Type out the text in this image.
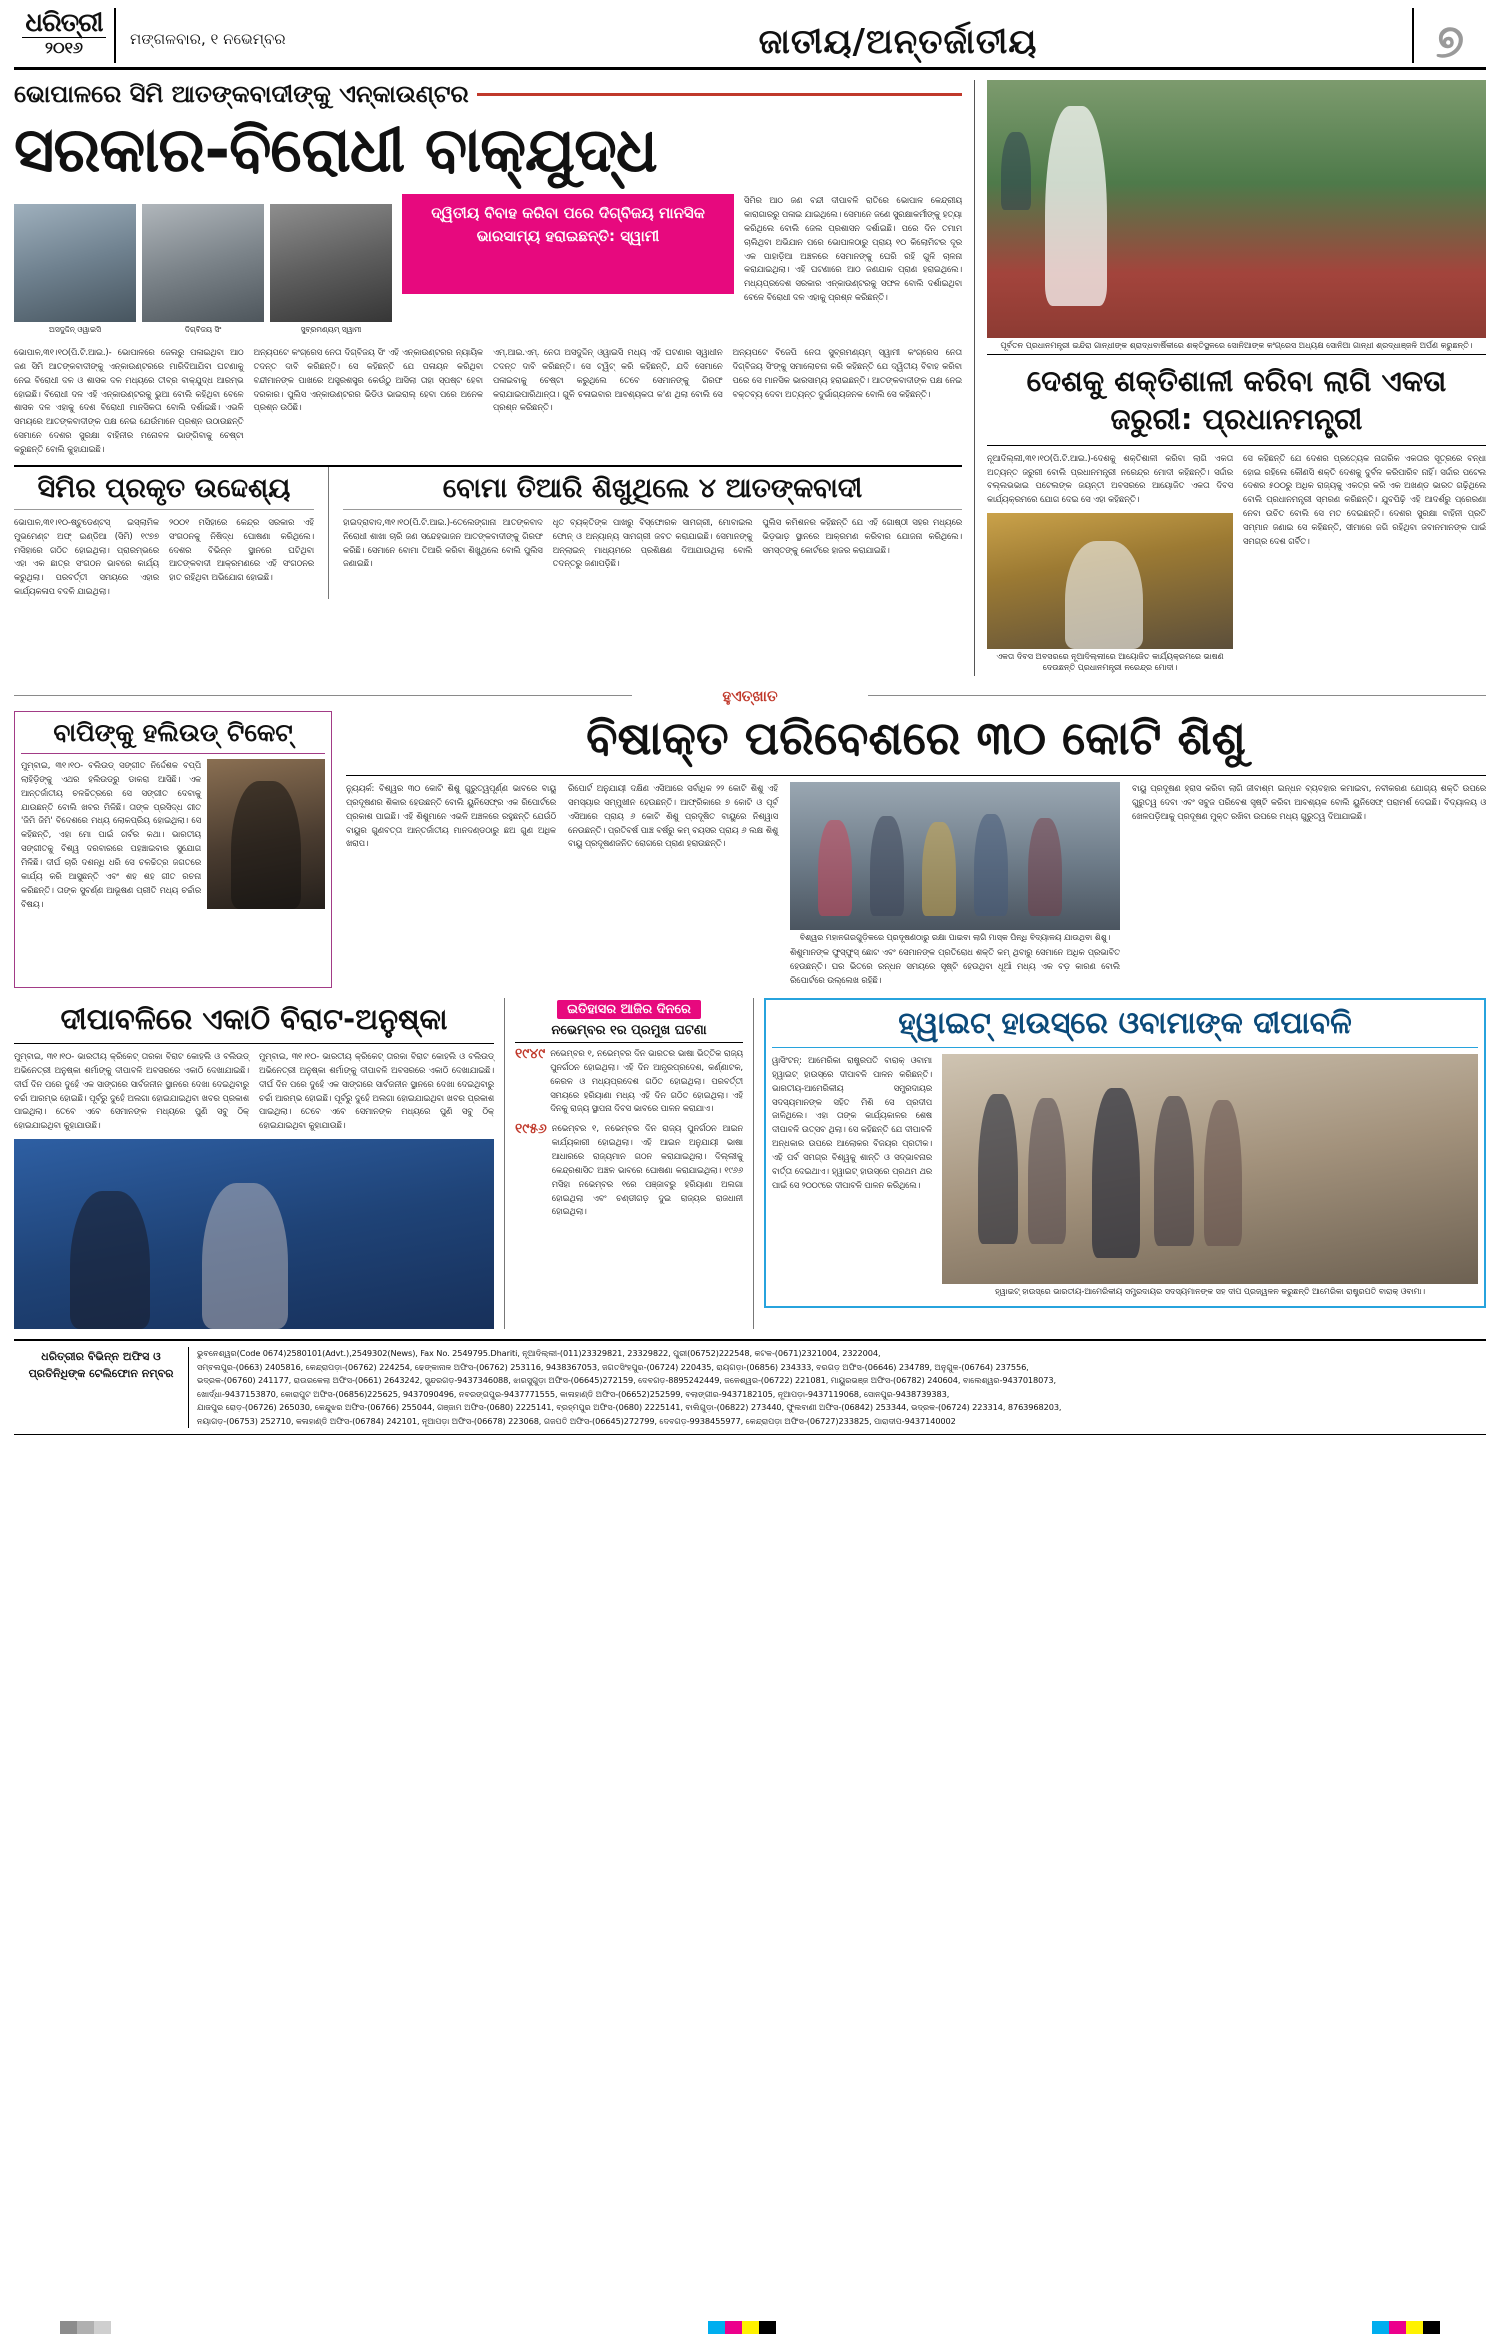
ଧରିତ୍ରୀ
୨୦୧୬	ମଙ୍ଗଳବାର, ୧ ନଭେମ୍ବର	ଜାତୀୟ/ଅନ୍ତର୍ଜାତୀୟ	୭
ଭୋପାଳରେ ସିମି ଆତଙ୍କବାଦୀଙ୍କୁ ଏନ୍‌କାଉଣ୍ଟର
ସରକାର-ବିରୋଧୀ ବାକ୍‌ଯୁଦ୍ଧ
ଅସଦୁଦ୍ଦିନ୍‌ ଓୱାଇସି	ଦିଗ୍‌ବିଜୟ ସିଂ	ସୁବ୍ରମଣ୍ୟମ୍‌ ସ୍ୱାମୀ
ଦ୍ୱିତୀୟ ବିବାହ କରିବା ପରେ ଦିଗ୍‌ବିଜୟ ମାନସିକ ଭାରସାମ୍ୟ ହରାଇଛନ୍ତି: ସ୍ୱାମୀ
ସିମିର ଆଠ ଜଣ ବନ୍ଦୀ ଦୀପାବଳି ରାତିରେ ଭୋପାଳ କେନ୍ଦ୍ରୀୟ କାରାଗାରରୁ ପଳାଇ ଯାଇଥିଲେ। ସେମାନେ ଜଣେ ସୁରକ୍ଷାକର୍ମୀଙ୍କୁ ହତ୍ୟା କରିଥିଲେ ବୋଲି ଜେଲ ପ୍ରଶାସନ ଦର୍ଶାଇଛି। ପରେ ଦିନ ତମାମ ଚାଲିଥିବା ଅଭିଯାନ ପରେ ଭୋପାଳଠାରୁ ପ୍ରାୟ ୧୦ କିଲୋମିଟର ଦୂର ଏକ ପାହାଡ଼ିଆ ଅଞ୍ଚଳରେ ସେମାନଙ୍କୁ ଘେରି ରହି ଗୁଳି ଚାଳନା କରାଯାଇଥିଲା। ଏହି ଘଟଣାରେ ଆଠ ଜଣଯାକ ପ୍ରାଣ ହରାଇଥିଲେ। ମଧ୍ୟପ୍ରଦେଶ ସରକାର ଏନ୍‌କାଉଣ୍ଟରକୁ ସଫଳ ବୋଲି ଦର୍ଶାଇଥିବା ବେଳେ ବିରୋଧୀ ଦଳ ଏହାକୁ ପ୍ରଶ୍ନ କରିଛନ୍ତି।
ଭୋପାଳ,୩୧।୧୦(ପି.ଟି.ଆଇ.)- ଭୋପାଳରେ ଜେଲରୁ ପଳାଇଥିବା ଆଠ ଜଣ ସିମି ଆତଙ୍କବାଦୀଙ୍କୁ ଏନ୍‌କାଉଣ୍ଟରରେ ମାରିଦିଆଯିବା ଘଟଣାକୁ ନେଇ ବିରୋଧୀ ଦଳ ଓ ଶାସକ ଦଳ ମଧ୍ୟରେ ତୀବ୍ର ବାକ୍‌ଯୁଦ୍ଧ ଆରମ୍ଭ ହୋଇଛି। ବିରୋଧୀ ଦଳ ଏହି ଏନ୍‌କାଉଣ୍ଟରକୁ ଭୁଆ ବୋଲି କହିଥିବା ବେଳେ ଶାସକ ଦଳ ଏହାକୁ ଦେଶ ବିରୋଧୀ ମାନସିକତା ବୋଲି ଦର୍ଶାଇଛି। ଏଭଳି ସମୟରେ ଆତଙ୍କବାଦୀଙ୍କ ପକ୍ଷ ନେଇ ଯେଉଁମାନେ ପ୍ରଶ୍ନ ଉଠାଉଛନ୍ତି ସେମାନେ ଦେଶର ସୁରକ୍ଷା ବାହିନୀର ମନୋବଳ ଭାଙ୍ଗିବାକୁ ଚେଷ୍ଟା କରୁଛନ୍ତି ବୋଲି କୁହାଯାଇଛି।
ଅନ୍ୟପଟେ କଂଗ୍ରେସ ନେତା ଦିଗ୍‌ବିଜୟ ସିଂ ଏହି ଏନ୍‌କାଉଣ୍ଟରର ନ୍ୟାୟିକ ତଦନ୍ତ ଦାବି କରିଛନ୍ତି। ସେ କହିଛନ୍ତି ଯେ ପଳାୟନ କରିଥିବା ବନ୍ଦୀମାନଙ୍କ ପାଖରେ ଅସ୍ତ୍ରଶସ୍ତ୍ର କେଉଁଠୁ ଆସିଲା ତାହା ସ୍ପଷ୍ଟ ହେବା ଦରକାର। ପୁଲିସ ଏନ୍‌କାଉଣ୍ଟରର ଭିଡିଓ ଭାଇରାଲ୍‌ ହେବା ପରେ ଅନେକ ପ୍ରଶ୍ନ ଉଠିଛି।
ଏମ୍‌.ଆଇ.ଏମ୍‌. ନେତା ଅସଦୁଦ୍ଦିନ୍‌ ଓୱାଇସି ମଧ୍ୟ ଏହି ଘଟଣାର ସ୍ୱାଧୀନ ତଦନ୍ତ ଦାବି କରିଛନ୍ତି। ସେ ଟ୍ୱିଟ୍‌ କରି କହିଛନ୍ତି, ଯଦି ସେମାନେ ପଳାଇବାକୁ ଚେଷ୍ଟା କରୁଥିଲେ ତେବେ ସେମାନଙ୍କୁ ଗିରଫ କରାଯାଇପାରିଥାନ୍ତା। ଗୁଳି ଚଳାଇବାର ଆବଶ୍ୟକତା କ'ଣ ଥିଲା ବୋଲି ସେ ପ୍ରଶ୍ନ କରିଛନ୍ତି।
ଅନ୍ୟପଟେ ବିଜେପି ନେତା ସୁବ୍ରମଣ୍ୟମ୍‌ ସ୍ୱାମୀ କଂଗ୍ରେସ ନେତା ଦିଗ୍‌ବିଜୟ ସିଂଙ୍କୁ ସମାଲୋଚନା କରି କହିଛନ୍ତି ଯେ ଦ୍ୱିତୀୟ ବିବାହ କରିବା ପରେ ସେ ମାନସିକ ଭାରସାମ୍ୟ ହରାଇଛନ୍ତି। ଆତଙ୍କବାଦୀଙ୍କ ପକ୍ଷ ନେଇ ବକ୍ତବ୍ୟ ଦେବା ଅତ୍ୟନ୍ତ ଦୁର୍ଭାଗ୍ୟଜନକ ବୋଲି ସେ କହିଛନ୍ତି।
ସିମିର ପ୍ରକୃତ ଉଦ୍ଦେଶ୍ୟ
ଭୋପାଳ,୩୧।୧୦-ଷ୍ଟୁଡେଣ୍ଟସ୍‌ ଇସ୍‌ଲାମିକ ମୁଭମେଣ୍ଟ ଅଫ୍‌ ଇଣ୍ଡିଆ (ସିମି) ୧୯୭୭ ମସିହାରେ ଗଠିତ ହୋଇଥିଲା। ପ୍ରାରମ୍ଭରେ ଏହା ଏକ ଛାତ୍ର ସଂଗଠନ ଭାବରେ କାର୍ଯ୍ୟ କରୁଥିଲା। ପରବର୍ତ୍ତୀ ସମୟରେ ଏହାର କାର୍ଯ୍ୟକଳାପ ବଦଳି ଯାଇଥିଲା।
୨୦୦୧ ମସିହାରେ କେନ୍ଦ୍ର ସରକାର ଏହି ସଂଗଠନକୁ ନିଷିଦ୍ଧ ଘୋଷଣା କରିଥିଲେ। ଦେଶର ବିଭିନ୍ନ ସ୍ଥାନରେ ଘଟିଥିବା ଆତଙ୍କବାଦୀ ଆକ୍ରମଣରେ ଏହି ସଂଗଠନର ହାତ ରହିଥିବା ଅଭିଯୋଗ ହୋଇଛି।
ବୋମା ତିଆରି ଶିଖୁଥିଲେ ୪ ଆତଙ୍କବାଦୀ
ହାଇଦ୍ରାବାଦ,୩୧।୧୦(ପି.ଟି.ଆଇ.)-ତେଲେଙ୍ଗାନା ଆତଙ୍କବାଦ ନିରୋଧୀ ଶାଖା ଚାରି ଜଣ ସନ୍ଦେହଭାଜନ ଆତଙ୍କବାଦୀଙ୍କୁ ଗିରଫ କରିଛି। ସେମାନେ ବୋମା ତିଆରି କରିବା ଶିଖୁଥିଲେ ବୋଲି ପୁଲିସ ଜଣାଇଛି।
ଧୃତ ବ୍ୟକ୍ତିଙ୍କ ପାଖରୁ ବିସ୍ଫୋରକ ସାମଗ୍ରୀ, ମୋବାଇଲ ଫୋନ୍‌ ଓ ଅନ୍ୟାନ୍ୟ ସାମଗ୍ରୀ ଜବତ କରାଯାଇଛି। ସେମାନଙ୍କୁ ଅନ୍‌ଲାଇନ୍‌ ମାଧ୍ୟମରେ ପ୍ରଶିକ୍ଷଣ ଦିଆଯାଉଥିଲା ବୋଲି ତଦନ୍ତରୁ ଜଣାପଡ଼ିଛି।
ପୁଲିସ କମିଶନର କହିଛନ୍ତି ଯେ ଏହି ଗୋଷ୍ଠୀ ସହର ମଧ୍ୟରେ ଭିଡ଼ଭାଡ଼ ସ୍ଥାନରେ ଆକ୍ରମଣ କରିବାର ଯୋଜନା କରିଥିଲେ। ସମସ୍ତଙ୍କୁ କୋର୍ଟରେ ହାଜର କରାଯାଇଛି।
ପୂର୍ବତନ ପ୍ରଧାନମନ୍ତ୍ରୀ ଇନ୍ଦିରା ଗାନ୍ଧୀଙ୍କ ଶ୍ରାଦ୍ଧବାର୍ଷିକୀରେ ଶକ୍ତିସ୍ଥଳରେ ସୋନିଆଙ୍କ କଂଗ୍ରେସ ଅଧ୍ୟକ୍ଷ ସୋନିଆ ଗାନ୍ଧୀ ଶ୍ରଦ୍ଧାଞ୍ଜଳି ଅର୍ପଣ କରୁଛନ୍ତି।
ଦେଶକୁ ଶକ୍ତିଶାଳୀ କରିବା ଲାଗି ଏକତା ଜରୁରୀ: ପ୍ରଧାନମନ୍ତ୍ରୀ
ନୂଆଦିଲ୍ଲୀ,୩୧।୧୦(ପି.ଟି.ଆଇ.)-ଦେଶକୁ ଶକ୍ତିଶାଳୀ କରିବା ଲାଗି ଏକତା ଅତ୍ୟନ୍ତ ଜରୁରୀ ବୋଲି ପ୍ରଧାନମନ୍ତ୍ରୀ ନରେନ୍ଦ୍ର ମୋଦୀ କହିଛନ୍ତି। ସର୍ଦ୍ଦାର ବଲ୍ଲଭଭାଇ ପଟେଲଙ୍କ ଜୟନ୍ତୀ ଅବସରରେ ଆୟୋଜିତ ଏକତା ଦିବସ କାର୍ଯ୍ୟକ୍ରମରେ ଯୋଗ ଦେଇ ସେ ଏହା କହିଛନ୍ତି।
ଏକତା ଦିବସ ଅବସରରେ ନୂଆଦିଲ୍ଲୀରେ ଆୟୋଜିତ କାର୍ଯ୍ୟକ୍ରମରେ ଭାଷଣ ଦେଉଛନ୍ତି ପ୍ରଧାନମନ୍ତ୍ରୀ ନରେନ୍ଦ୍ର ମୋଦୀ।
ସେ କହିଛନ୍ତି ଯେ ଦେଶର ପ୍ରତ୍ୟେକ ନାଗରିକ ଏକତାର ସୂତ୍ରରେ ବନ୍ଧା ହୋଇ ରହିଲେ କୌଣସି ଶକ୍ତି ଦେଶକୁ ଦୁର୍ବଳ କରିପାରିବ ନାହିଁ। ସର୍ଦ୍ଦାର ପଟେଲ ଦେଶର ୫୦୦ରୁ ଅଧିକ ରାଜ୍ୟକୁ ଏକତ୍ର କରି ଏକ ଅଖଣ୍ଡ ଭାରତ ଗଢ଼ିଥିଲେ ବୋଲି ପ୍ରଧାନମନ୍ତ୍ରୀ ସ୍ମରଣ କରିଛନ୍ତି। ଯୁବପିଢ଼ି ଏହି ଆଦର୍ଶରୁ ପ୍ରେରଣା ନେବା ଉଚିତ ବୋଲି ସେ ମତ ଦେଇଛନ୍ତି। ଦେଶର ସୁରକ୍ଷା ବାହିନୀ ପ୍ରତି ସମ୍ମାନ ଜଣାଇ ସେ କହିଛନ୍ତି, ସୀମାରେ ଜଗି ରହିଥିବା ଜବାନମାନଙ୍କ ପାଇଁ ସମଗ୍ର ଦେଶ ଗର୍ବିତ।
ହୁଏତ୍‌ଖାତ
ବାପିଙ୍କୁ ହଲିଉଡ୍‌ ଟିକେଟ୍‌
ମୁମ୍ବାଇ, ୩୧।୧୦- ବଲିଉଡ୍‌ ସଙ୍ଗୀତ ନିର୍ଦ୍ଦେଶକ ବପ୍ପି ଲାହିଡ଼ିଙ୍କୁ ଏଥର ହଲିଉଡ୍‌ରୁ ଡାକରା ଆସିଛି। ଏକ ଆନ୍ତର୍ଜାତୀୟ ଚଳଚ୍ଚିତ୍ରରେ ସେ ସଙ୍ଗୀତ ଦେବାକୁ ଯାଉଛନ୍ତି ବୋଲି ଖବର ମିଳିଛି। ତାଙ୍କ ପ୍ରସିଦ୍ଧ ଗୀତ 'ଜିମି ଜିମି' ବିଦେଶରେ ମଧ୍ୟ ଲୋକପ୍ରିୟ ହୋଇଥିଲା। ସେ କହିଛନ୍ତି, ଏହା ମୋ ପାଇଁ ଗର୍ବର କଥା। ଭାରତୀୟ ସଙ୍ଗୀତକୁ ବିଶ୍ୱ ଦରବାରରେ ପହଞ୍ଚାଇବାର ସୁଯୋଗ ମିଳିଛି। ଦୀର୍ଘ ଚାରି ଦଶନ୍ଧି ଧରି ସେ ଚଳଚ୍ଚିତ୍ର ଜଗତରେ କାର୍ଯ୍ୟ କରି ଆସୁଛନ୍ତି ଏବଂ ଶହ ଶହ ଗୀତ ରଚନା କରିଛନ୍ତି। ତାଙ୍କ ସୁବର୍ଣ୍ଣ ଆଭୂଷଣ ପ୍ରୀତି ମଧ୍ୟ ଚର୍ଚ୍ଚାର ବିଷୟ।
ବିଷାକ୍ତ ପରିବେଶରେ ୩୦ କୋଟି ଶିଶୁ
ନ୍ୟୁୟର୍କ: ବିଶ୍ୱର ୩୦ କୋଟି ଶିଶୁ ଗୁରୁତ୍ୱପୂର୍ଣ୍ଣ ଭାବରେ ବାୟୁ ପ୍ରଦୂଷଣର ଶିକାର ହେଉଛନ୍ତି ବୋଲି ୟୁନିସେଫ୍‌ର ଏକ ରିପୋର୍ଟରେ ପ୍ରକାଶ ପାଇଛି। ଏହି ଶିଶୁମାନେ ଏଭଳି ଅଞ୍ଚଳରେ ରହୁଛନ୍ତି ଯେଉଁଠି ବାୟୁର ଗୁଣବତ୍ତା ଆନ୍ତର୍ଜାତୀୟ ମାନଦଣ୍ଡଠାରୁ ଛଅ ଗୁଣ ଅଧିକ ଖରାପ।
ରିପୋର୍ଟ ଅନୁଯାୟୀ ଦକ୍ଷିଣ ଏସିଆରେ ସର୍ବାଧିକ ୨୨ କୋଟି ଶିଶୁ ଏହି ସମସ୍ୟାର ସମ୍ମୁଖୀନ ହେଉଛନ୍ତି। ଆଫ୍ରିକାରେ ୭ କୋଟି ଓ ପୂର୍ବ ଏସିଆରେ ପ୍ରାୟ ୬ କୋଟି ଶିଶୁ ପ୍ରଦୂଷିତ ବାୟୁରେ ନିଶ୍ୱାସ ନେଉଛନ୍ତି। ପ୍ରତିବର୍ଷ ପାଞ୍ଚ ବର୍ଷରୁ କମ୍‌ ବୟସର ପ୍ରାୟ ୬ ଲକ୍ଷ ଶିଶୁ ବାୟୁ ପ୍ରଦୂଷଣଜନିତ ରୋଗରେ ପ୍ରାଣ ହରାଉଛନ୍ତି।
ବିଶ୍ୱର ମହାନଗରଗୁଡ଼ିକରେ ପ୍ରଦୂଷଣଠାରୁ ରକ୍ଷା ପାଇବା ଲାଗି ମାସ୍କ ପିନ୍ଧି ବିଦ୍ୟାଳୟ ଯାଉଥିବା ଶିଶୁ।
ଶିଶୁମାନଙ୍କ ଫୁସ୍‌ଫୁସ୍‌ ଛୋଟ ଏବଂ ସେମାନଙ୍କ ପ୍ରତିରୋଧ ଶକ୍ତି କମ୍‌ ଥିବାରୁ ସେମାନେ ଅଧିକ ପ୍ରଭାବିତ ହେଉଛନ୍ତି। ଘର ଭିତରେ ରନ୍ଧନ ସମୟରେ ସୃଷ୍ଟି ହେଉଥିବା ଧୂଆଁ ମଧ୍ୟ ଏକ ବଡ଼ କାରଣ ବୋଲି ରିପୋର୍ଟରେ ଉଲ୍ଲେଖ ରହିଛି।
ବାୟୁ ପ୍ରଦୂଷଣ ହ୍ରାସ କରିବା ଲାଗି ଜୀବାଶ୍ମ ଇନ୍ଧନ ବ୍ୟବହାର କମାଇବା, ନବୀକରଣ ଯୋଗ୍ୟ ଶକ୍ତି ଉପରେ ଗୁରୁତ୍ୱ ଦେବା ଏବଂ ସବୁଜ ପରିବେଶ ସୃଷ୍ଟି କରିବା ଆବଶ୍ୟକ ବୋଲି ୟୁନିସେଫ୍‌ ପରାମର୍ଶ ଦେଇଛି। ବିଦ୍ୟାଳୟ ଓ ଖେଳପଡ଼ିଆକୁ ପ୍ରଦୂଷଣ ମୁକ୍ତ ରଖିବା ଉପରେ ମଧ୍ୟ ଗୁରୁତ୍ୱ ଦିଆଯାଇଛି।
ଦୀପାବଳିରେ ଏକାଠି ବିରାଟ-ଅନୁଷ୍କା
ମୁମ୍ବାଇ, ୩୧।୧୦- ଭାରତୀୟ କ୍ରିକେଟ୍‌ ତାରକା ବିରାଟ କୋହଲି ଓ ବଲିଉଡ୍‌ ଅଭିନେତ୍ରୀ ଅନୁଷ୍କା ଶର୍ମାଙ୍କୁ ଦୀପାବଳି ଅବସରରେ ଏକାଠି ଦେଖାଯାଇଛି। ଦୀର୍ଘ ଦିନ ପରେ ଦୁହେଁ ଏକ ସାଙ୍ଗରେ ସାର୍ବଜନୀନ ସ୍ଥାନରେ ଦେଖା ଦେଇଥିବାରୁ ଚର୍ଚ୍ଚା ଆରମ୍ଭ ହୋଇଛି। ପୂର୍ବରୁ ଦୁହେଁ ଅଲଗା ହୋଇଯାଇଥିବା ଖବର ପ୍ରକାଶ ପାଇଥିଲା। ତେବେ ଏବେ ସେମାନଙ୍କ ମଧ୍ୟରେ ପୁଣି ସବୁ ଠିକ୍‌ ହୋଇଯାଇଥିବା କୁହାଯାଉଛି।
ମୁମ୍ବାଇ, ୩୧।୧୦- ଭାରତୀୟ କ୍ରିକେଟ୍‌ ତାରକା ବିରାଟ କୋହଲି ଓ ବଲିଉଡ୍‌ ଅଭିନେତ୍ରୀ ଅନୁଷ୍କା ଶର୍ମାଙ୍କୁ ଦୀପାବଳି ଅବସରରେ ଏକାଠି ଦେଖାଯାଇଛି। ଦୀର୍ଘ ଦିନ ପରେ ଦୁହେଁ ଏକ ସାଙ୍ଗରେ ସାର୍ବଜନୀନ ସ୍ଥାନରେ ଦେଖା ଦେଇଥିବାରୁ ଚର୍ଚ୍ଚା ଆରମ୍ଭ ହୋଇଛି। ପୂର୍ବରୁ ଦୁହେଁ ଅଲଗା ହୋଇଯାଇଥିବା ଖବର ପ୍ରକାଶ ପାଇଥିଲା। ତେବେ ଏବେ ସେମାନଙ୍କ ମଧ୍ୟରେ ପୁଣି ସବୁ ଠିକ୍‌ ହୋଇଯାଇଥିବା କୁହାଯାଉଛି।
ଇତିହାସର ଆଜିର ଦିନରେ
ନଭେମ୍ବର ୧ର ପ୍ରମୁଖ ଘଟଣା
୧୯୪୯ ନଭେମ୍ବର ୧, ନଭେମ୍ବର ଦିନ ଭାରତର ଭାଷା ଭିତ୍ତିକ ରାଜ୍ୟ ପୁନର୍ଗଠନ ହୋଇଥିଲା। ଏହି ଦିନ ଆନ୍ଧ୍ରପ୍ରଦେଶ, କର୍ଣ୍ଣାଟକ, କେରଳ ଓ ମଧ୍ୟପ୍ରଦେଶ ଗଠିତ ହୋଇଥିଲା। ପରବର୍ତ୍ତୀ ସମୟରେ ହରିୟାଣା ମଧ୍ୟ ଏହି ଦିନ ଗଠିତ ହୋଇଥିଲା। ଏହି ଦିନକୁ ରାଜ୍ୟ ସ୍ଥାପନା ଦିବସ ଭାବରେ ପାଳନ କରାଯାଏ।
୧୯୫୬ ନଭେମ୍ବର ୧, ନଭେମ୍ବର ଦିନ ରାଜ୍ୟ ପୁନର୍ଗଠନ ଆଇନ କାର୍ଯ୍ୟକାରୀ ହୋଇଥିଲା। ଏହି ଆଇନ ଅନୁଯାୟୀ ଭାଷା ଆଧାରରେ ରାଜ୍ୟମାନ ଗଠନ କରାଯାଇଥିଲା। ଦିଲ୍ଲୀକୁ କେନ୍ଦ୍ରଶାସିତ ଅଞ୍ଚଳ ଭାବରେ ଘୋଷଣା କରାଯାଇଥିଲା। ୧୯୬୬ ମସିହା ନଭେମ୍ବର ୧ରେ ପଞ୍ଜାବରୁ ହରିୟାଣା ଅଲଗା ହୋଇଥିଲା ଏବଂ ଚଣ୍ଡୀଗଡ଼ ଦୁଇ ରାଜ୍ୟର ରାଜଧାନୀ ହୋଇଥିଲା।
ହ୍ୱାଇଟ୍‌ ହାଉସ୍‌ରେ ଓବାମାଙ୍କ ଦୀପାବଳି
ୱାସିଂଟନ୍‌: ଆମେରିକା ରାଷ୍ଟ୍ରପତି ବାରାକ୍‌ ଓବାମା ହ୍ୱାଇଟ୍‌ ହାଉସ୍‌ରେ ଦୀପାବଳି ପାଳନ କରିଛନ୍ତି। ଭାରତୀୟ-ଆମେରିକୀୟ ସମ୍ପ୍ରଦାୟର ସଦସ୍ୟମାନଙ୍କ ସହିତ ମିଶି ସେ ପ୍ରଦୀପ ଜାଳିଥିଲେ। ଏହା ତାଙ୍କ କାର୍ଯ୍ୟକାଳର ଶେଷ ଦୀପାବଳି ଉତ୍ସବ ଥିଲା। ସେ କହିଛନ୍ତି ଯେ ଦୀପାବଳି ଅନ୍ଧକାର ଉପରେ ଆଲୋକର ବିଜୟର ପ୍ରତୀକ। ଏହି ପର୍ବ ସମଗ୍ର ବିଶ୍ୱକୁ ଶାନ୍ତି ଓ ସଦ୍‌ଭାବନାର ବାର୍ତ୍ତା ଦେଇଥାଏ। ହ୍ୱାଇଟ୍‌ ହାଉସ୍‌ରେ ପ୍ରଥମ ଥର ପାଇଁ ସେ ୨୦୦୯ରେ ଦୀପାବଳି ପାଳନ କରିଥିଲେ।
ହ୍ୱାଇଟ୍‌ ହାଉସ୍‌ରେ ଭାରତୀୟ-ଆମେରିକୀୟ ସମ୍ପ୍ରଦାୟର ସଦସ୍ୟମାନଙ୍କ ସହ ଦୀପ ପ୍ରଜ୍ୱଳନ କରୁଛନ୍ତି ଆମେରିକା ରାଷ୍ଟ୍ରପତି ବାରାକ୍‌ ଓବାମା।
ଧରିତ୍ରୀର ବିଭିନ୍ନ ଅଫିସ ଓ ପ୍ରତିନିଧିଙ୍କ ଟେଲିଫୋନ ନମ୍ବର
ଭୁବନେଶ୍ୱର(Code 0674)2580101(Advt.),2549302(News), Fax No. 2549795.Dhariti, ନୂଆଦିଲ୍ଲୀ-(011)23329821, 23329822, ପୁରୀ(06752)222548, କଟକ-(0671)2321004, 2322004,
ସମ୍ବଲପୁର-(0663) 2405816, କେନ୍ଦ୍ରାପଡ଼ା-(06762) 224254, ଢେଙ୍କାନାଳ ଅଫିସ-(06762) 253116, 9438367053, ଜଗତସିଂହପୁର-(06724) 220435, ରାୟଗଡ଼ା-(06856) 234333, ବରଗଡ଼ ଅଫିସ-(06646) 234789, ଅନୁଗୁଳ-(06764) 237556,
ଭଦ୍ରକ-(06760) 241177, ରାଉରକେଲା ଅଫିସ-(0661) 2643242, ସୁନ୍ଦରଗଡ଼-9437346088, ଝାରସୁଗୁଡ଼ା ଅଫିସ-(06645)272159, ଦେବଗଡ଼-8895242449, ଜଳେଶ୍ୱର-(06722) 221081, ମାୟୁରଭଞ୍ଜ ଅଫିସ-(06782) 240604, ବାଲେଶ୍ୱର-9437018073,
ଖୋର୍ଦ୍ଧା-9437153870, କୋରାପୁଟ ଅଫିସ-(06856)225625, 9437090496, ନବରଙ୍ଗପୁର-9437771555, କାଳାହାଣ୍ଡି ଅଫିସ-(06652)252599, ବଲାଙ୍ଗୀର-9437182105, ନୂଆପଡ଼ା-9437119068, ସୋନପୁର-9438739383,
ଯାଜପୁର ରୋଡ଼-(06726) 265030, କେନ୍ଦୁଝର ଅଫିସ-(06766) 255044, ଗଞ୍ଜାମ ଅଫିସ-(0680) 2225141, ବ୍ରହ୍ମପୁର ଅଫିସ-(0680) 2225141, ବାଲିଗୁଡ଼ା-(06822) 273440, ଫୁଲବାଣୀ ଅଫିସ-(06842) 253344, ଭଦ୍ରକ-(06724) 223314, 8763968203,
ନୟାଗଡ଼-(06753) 252710, କଳାହାଣ୍ଡି ଅଫିସ-(06784) 242101, ନୂଆପଡ଼ା ଅଫିସ-(06678) 223068, ଗଜପତି ଅଫିସ-(06645)272799, ଦେବଗଡ଼-9938455977, କେନ୍ଦ୍ରାପଡ଼ା ଅଫିସ-(06727)233825, ପାରାଦୀପ-9437140002
